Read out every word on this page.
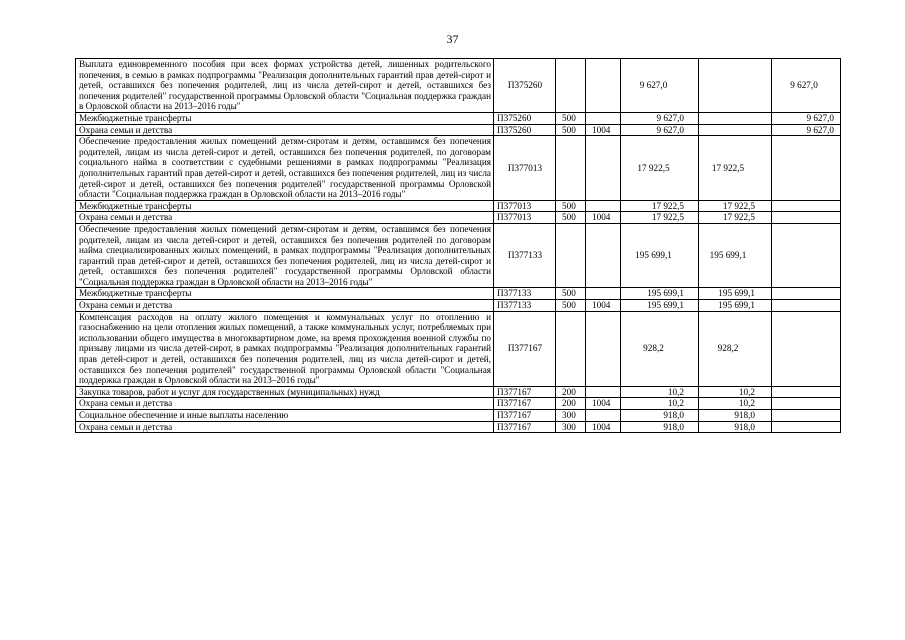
37
Выплата единовременного пособия при всех формах устройства детей, лишенных родительского попечения, в семью в рамках подпрограммы "Реализация дополнительных гарантий прав детей-сирот и детей, оставшихся без попечения родителей, лиц из числа детей-сирот и детей, оставшихся без попечения родителей" государственной программы Орловской области "Социальная поддержка граждан в Орловской области на 2013–2016 годы"	П375260			9 627,0		9 627,0
Межбюджетные трансферты	П375260	500		9 627,0		9 627,0
Охрана семьи и детства	П375260	500	1004	9 627,0		9 627,0
Обеспечение предоставления жилых помещений детям-сиротам и детям, оставшимся без попечения родителей, лицам из числа детей-сирот и детей, оставшихся без попечения родителей, по договорам социального найма в соответствии с судебными решениями в рамках подпрограммы "Реализация дополнительных гарантий прав детей-сирот и детей, оставшихся без попечения родителей, лиц из числа детей-сирот и детей, оставшихся без попечения родителей" государственной программы Орловской области "Социальная поддержка граждан в Орловской области на 2013–2016 годы"	П377013			17 922,5	17 922,5	
Межбюджетные трансферты	П377013	500		17 922,5	17 922,5	
Охрана семьи и детства	П377013	500	1004	17 922,5	17 922,5	
Обеспечение предоставления жилых помещений детям-сиротам и детям, оставшимся без попечения родителей, лицам из числа детей-сирот и детей, оставшихся без попечения родителей по договорам найма специализированных жилых помещений, в рамках подпрограммы "Реализация дополнительных гарантий прав детей-сирот и детей, оставшихся без попечения родителей, лиц из числа детей-сирот и детей, оставшихся без попечения родителей" государственной программы Орловской области "Социальная поддержка граждан в Орловской области на 2013–2016 годы"	П377133			195 699,1	195 699,1	
Межбюджетные трансферты	П377133	500		195 699,1	195 699,1	
Охрана семьи и детства	П377133	500	1004	195 699,1	195 699,1	
Компенсация расходов на оплату жилого помещения и коммунальных услуг по отоплению и газоснабжению на цели отопления жилых помещений, а также коммунальных услуг, потребляемых при использовании общего имущества в многоквартирном доме, на время прохождения военной службы по призыву лицами из числа детей-сирот, в рамках подпрограммы "Реализация дополнительных гарантий прав детей-сирот и детей, оставшихся без попечения родителей, лиц из числа детей-сирот и детей, оставшихся без попечения родителей" государственной программы Орловской области "Социальная поддержка граждан в Орловской области на 2013–2016 годы"	П377167			928,2	928,2	
Закупка товаров, работ и услуг для государственных (муниципальных) нужд	П377167	200		10,2	10,2	
Охрана семьи и детства	П377167	200	1004	10,2	10,2	
Социальное обеспечение и иные выплаты населению	П377167	300		918,0	918,0	
Охрана семьи и детства	П377167	300	1004	918,0	918,0	
